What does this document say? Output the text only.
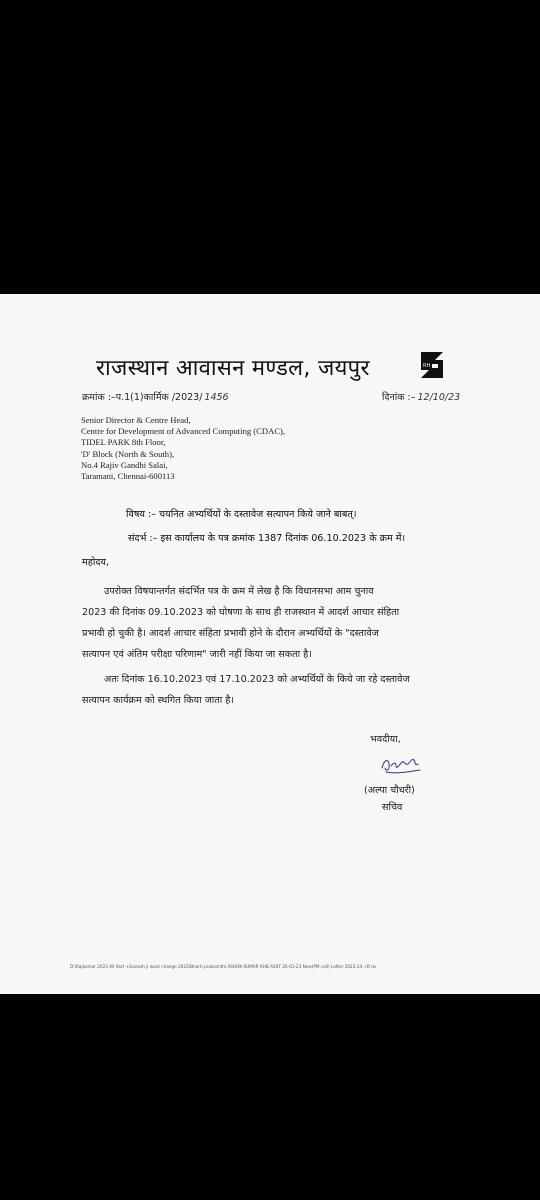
राजस्थान आवासन मण्डल, जयपुर	RH
क्रमांक :–प.1(1)कार्मिक /2023/ 1456	दिनांक :– 12/10/23
Senior Director & Centre Head,
Centre for Development of Advanced Computing (CDAC),
TIDEL PARK 8th Floor,
'D' Block (North & South),
No.4 Rajiv Gandhi Salai,
Taramani, Chennai-600113
विषय :– चयनित अभ्यर्थियों के दस्तावेज सत्यापन किये जाने बाबत्।
संदर्भ :– इस कार्यालय के पत्र क्रमांक 1387 दिनांक 06.10.2023 के क्रम में।
महोदय,
उपरोक्त विषयान्तर्गत संदर्भित पत्र के क्रम में लेख है कि विधानसभा आम चुनाव
2023 की दिनांक 09.10.2023 को घोषणा के साथ ही राजस्थान में आदर्श आचार संहिता
प्रभावी हो चुकी है। आदर्श आचार संहिता प्रभावी होने के दौरान अभ्यर्थियों के "दस्तावेज
सत्यापन एवं अंतिम परीक्षा परिणाम" जारी नहीं किया जा सकता है।
अतः दिनांक 16.10.2023 एवं 17.10.2023 को अभ्यर्थियों के किये जा रहे दस्तावेज
सत्यापन कार्यक्रम को स्थगित किया जाता है।
भवदीया,
(अल्पा चौधरी)
सचिव
D:\Rajkumar 2023 All Staf +Ganesh ji work change 2023\Bharti prakoshthi ASHOK KUMAR RHB ASST 26-01-23 New(PM call) Letter 2023-24..rtf.rw
